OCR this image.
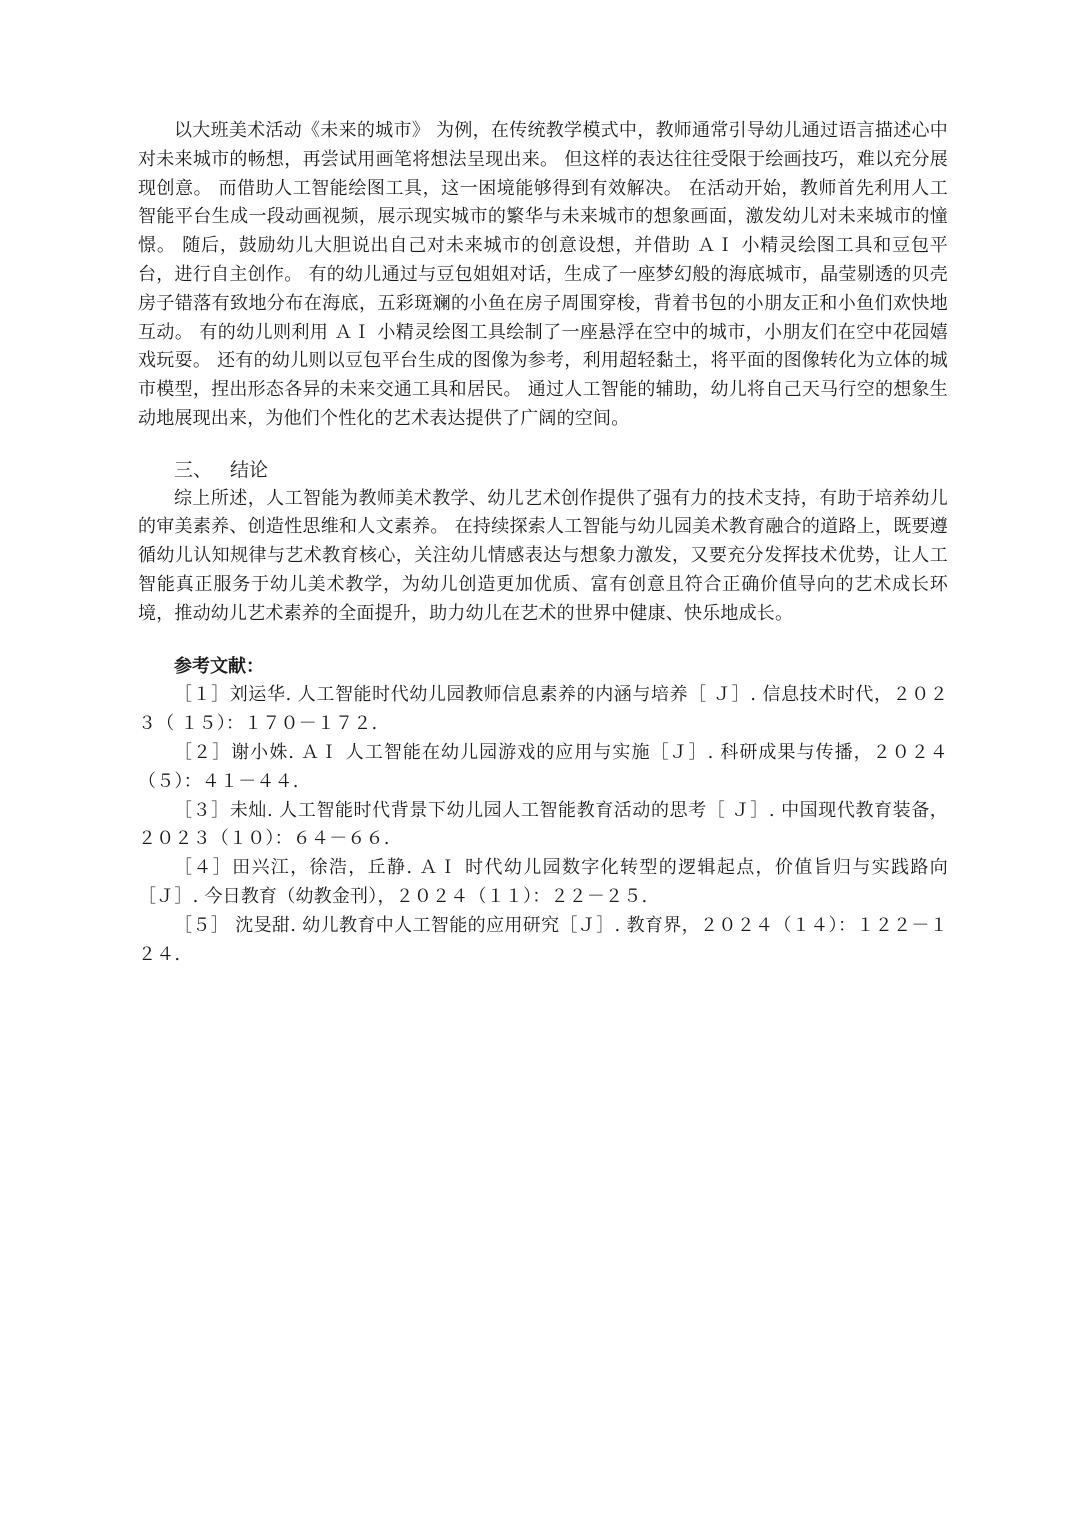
以大班美术活动《未来的城市》 为例，在传统教学模式中，教师通常引导幼儿通过语言描述心中对未来城市的畅想，再尝试用画笔将想法呈现出来。 但这样的表达往往受限于绘画技巧，难以充分展现创意。 而借助人工智能绘图工具，这一困境能够得到有效解决。 在活动开始，教师首先利用人工智能平台生成一段动画视频，展示现实城市的繁华与未来城市的想象画面，激发幼儿对未来城市的憧憬。 随后，鼓励幼儿大胆说出自己对未来城市的创意设想，并借助 ＡＩ 小精灵绘图工具和豆包平台，进行自主创作。 有的幼儿通过与豆包姐姐对话，生成了一座梦幻般的海底城市，晶莹剔透的贝壳房子错落有致地分布在海底，五彩斑斓的小鱼在房子周围穿梭，背着书包的小朋友正和小鱼们欢快地互动。 有的幼儿则利用 ＡＩ 小精灵绘图工具绘制了一座悬浮在空中的城市，小朋友们在空中花园嬉戏玩耍。 还有的幼儿则以豆包平台生成的图像为参考，利用超轻黏土，将平面的图像转化为立体的城市模型，捏出形态各异的未来交通工具和居民。 通过人工智能的辅助，幼儿将自己天马行空的想象生动地展现出来，为他们个性化的艺术表达提供了广阔的空间。

三、 结论

综上所述，人工智能为教师美术教学、幼儿艺术创作提供了强有力的技术支持，有助于培养幼儿的审美素养、创造性思维和人文素养。 在持续探索人工智能与幼儿园美术教育融合的道路上，既要遵循幼儿认知规律与艺术教育核心，关注幼儿情感表达与想象力激发，又要充分发挥技术优势，让人工智能真正服务于幼儿美术教学，为幼儿创造更加优质、富有创意且符合正确价值导向的艺术成长环境，推动幼儿艺术素养的全面提升，助力幼儿在艺术的世界中健康、快乐地成长。

参考文献：

［１］刘运华. 人工智能时代幼儿园教师信息素养的内涵与培养［ Ｊ］. 信息技术时代，２０２３（ １５）：１７０－１７２.

［２］谢小姝. ＡＩ 人工智能在幼儿园游戏的应用与实施［Ｊ］. 科研成果与传播，２０２４（５）：４１－４４.

［３］未灿. 人工智能时代背景下幼儿园人工智能教育活动的思考［ Ｊ］. 中国现代教育装备，２０２３（１０）：６４－６６.

［４］田兴江，徐浩，丘静. ＡＩ 时代幼儿园数字化转型的逻辑起点，价值旨归与实践路向［Ｊ］. 今日教育（幼教金刊），２０２４（１１）：２２－２５.

［５］ 沈旻甜. 幼儿教育中人工智能的应用研究［Ｊ］. 教育界，２０２４（１４）：１２２－１２４.
